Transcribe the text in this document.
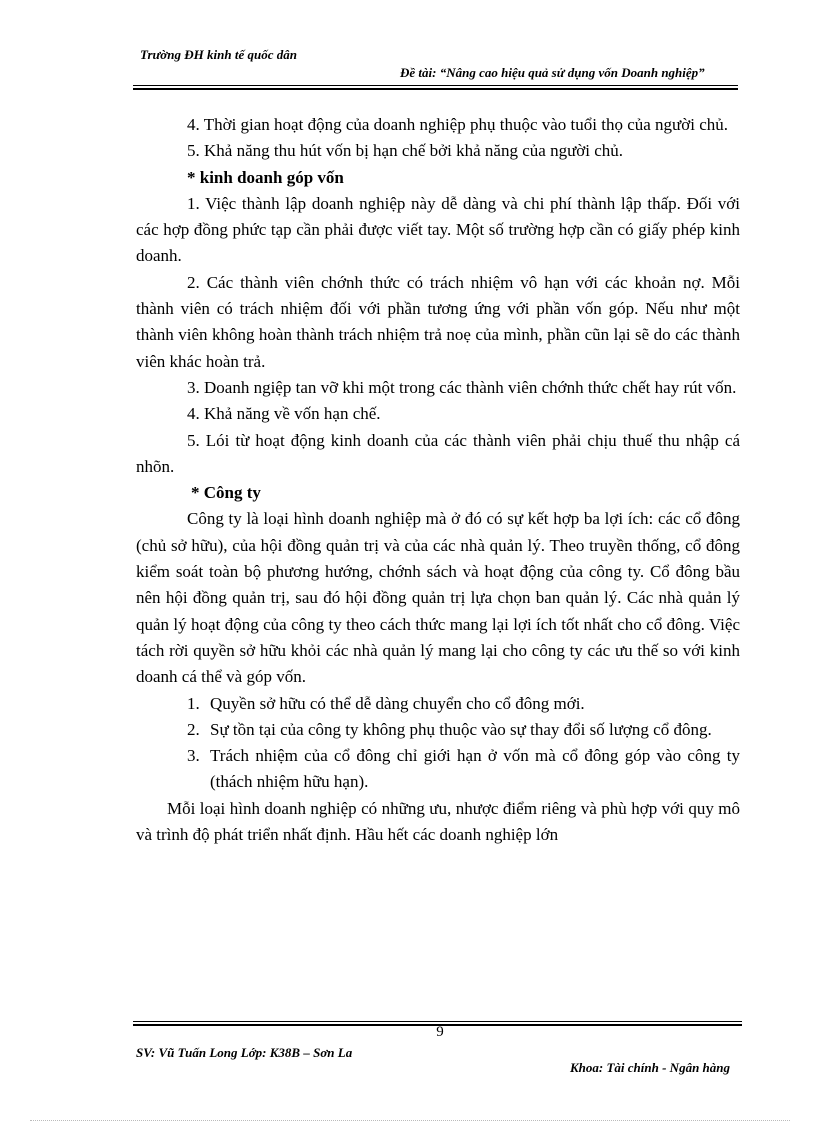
Trường ĐH kinh tế quốc dân
Đề tài: “Nâng cao hiệu quả sử dụng vốn Doanh nghiệp”

4. Thời gian hoạt động của doanh nghiệp phụ thuộc vào tuổi thọ của người chủ.

5. Khả năng thu hút vốn bị hạn chế bởi khả năng của người chủ.

* kinh doanh góp vốn

1. Việc thành lập doanh nghiệp này dễ dàng và chi phí thành lập thấp. Đối với các hợp đồng phức tạp cần phải được viết tay. Một số trường hợp cần có giấy phép kinh doanh.

2. Các thành viên chớnh thức có trách nhiệm vô hạn với các khoản nợ. Mỗi thành viên có trách nhiệm đối với phần tương ứng với phần vốn góp. Nếu như một thành viên không hoàn thành trách nhiệm trả noẹ của mình, phần cũn lại sẽ do các thành viên khác hoàn trả.

3. Doanh ngiệp tan vỡ khi một trong các thành viên chớnh thức chết hay rút vốn.

4. Khả năng về vốn hạn chế.

5. Lói từ hoạt động kinh doanh của các thành viên phải chịu thuế thu nhập cá nhõn.

* Công ty

Công ty là loại hình doanh nghiệp mà ở đó có sự kết hợp ba lợi ích: các cổ đông (chủ sở hữu), của hội đồng quản trị và của các nhà quản lý. Theo truyền thống, cổ đông kiểm soát toàn bộ phương hướng, chớnh sách và hoạt động của công ty. Cổ đông bầu nên hội đồng quản trị, sau đó hội đồng quản trị lựa chọn ban quản lý. Các nhà quản lý quản lý hoạt động của công ty theo cách thức mang lại lợi ích tốt nhất cho cổ đông. Việc tách rời quyền sở hữu khỏi các nhà quản lý mang lại cho công ty các ưu thế so với kinh doanh cá thể và góp vốn.

1. Quyền sở hữu có thể dễ dàng chuyển cho cổ đông mới.
2. Sự tồn tại của công ty không phụ thuộc vào sự thay đổi số lượng cổ đông.
3. Trách nhiệm của cổ đông chỉ giới hạn ở vốn mà cổ đông góp vào công ty (thách nhiệm hữu hạn).

Mỗi loại hình doanh nghiệp có những ưu, nhược điểm riêng và phù hợp với quy mô và trình độ phát triển nhất định. Hầu hết các doanh nghiệp lớn

9
SV: Vũ Tuấn Long Lớp: K38B – Sơn La
Khoa: Tài chính - Ngân hàng
